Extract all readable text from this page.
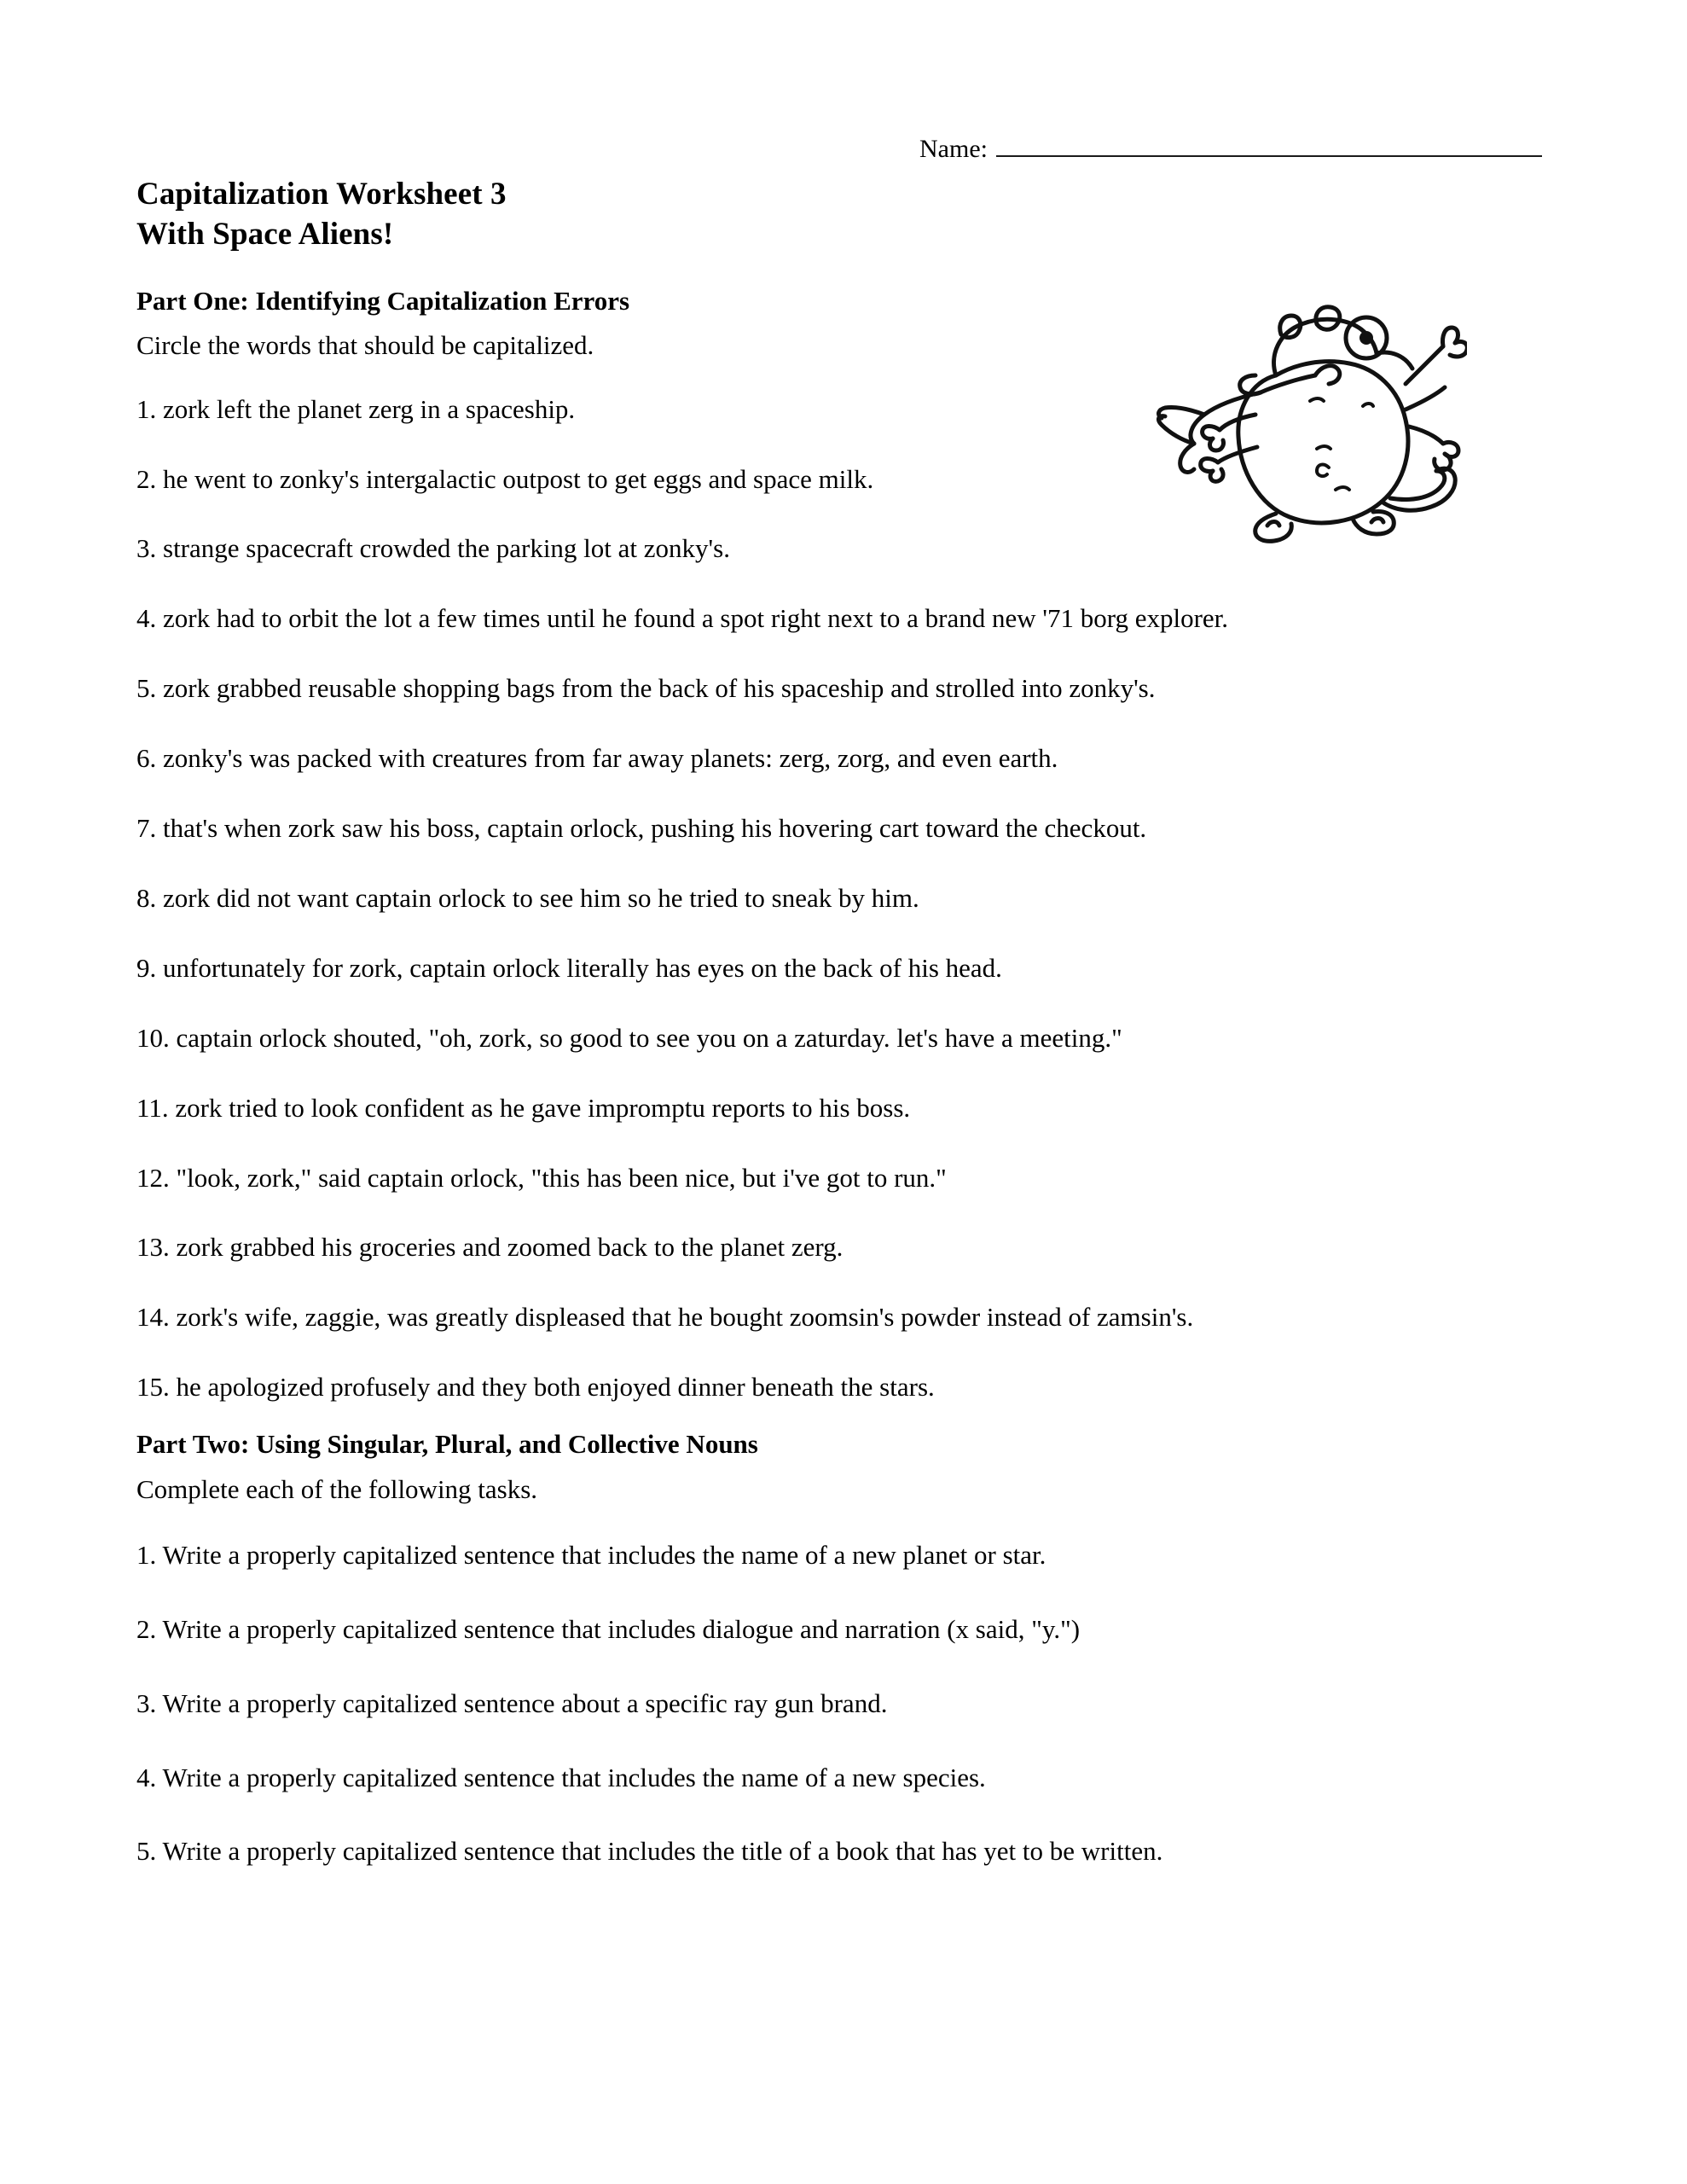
Name:
Capitalization Worksheet 3
With Space Aliens!
Part One: Identifying Capitalization Errors

Circle the words that should be capitalized.

1. zork left the planet zerg in a spaceship.
2. he went to zonky's intergalactic outpost to get eggs and space milk.
3. strange spacecraft crowded the parking lot at zonky's.
4. zork had to orbit the lot a few times until he found a spot right next to a brand new '71 borg explorer.
5. zork grabbed reusable shopping bags from the back of his spaceship and strolled into zonky's.
6. zonky's was packed with creatures from far away planets: zerg, zorg, and even earth.
7. that's when zork saw his boss, captain orlock, pushing his hovering cart toward the checkout.
8. zork did not want captain orlock to see him so he tried to sneak by him.
9. unfortunately for zork, captain orlock literally has eyes on the back of his head.
10. captain orlock shouted, "oh, zork, so good to see you on a zaturday. let's have a meeting."
11. zork tried to look confident as he gave impromptu reports to his boss.
12. "look, zork," said captain orlock, "this has been nice, but i've got to run."
13. zork grabbed his groceries and zoomed back to the planet zerg.
14. zork's wife, zaggie, was greatly displeased that he bought zoomsin's powder instead of zamsin's.
15. he apologized profusely and they both enjoyed dinner beneath the stars.
Part Two: Using Singular, Plural, and Collective Nouns

Complete each of the following tasks.

1. Write a properly capitalized sentence that includes the name of a new planet or star.
2. Write a properly capitalized sentence that includes dialogue and narration (x said, "y.")
3. Write a properly capitalized sentence about a specific ray gun brand.
4. Write a properly capitalized sentence that includes the name of a new species.
5. Write a properly capitalized sentence that includes the title of a book that has yet to be written.
